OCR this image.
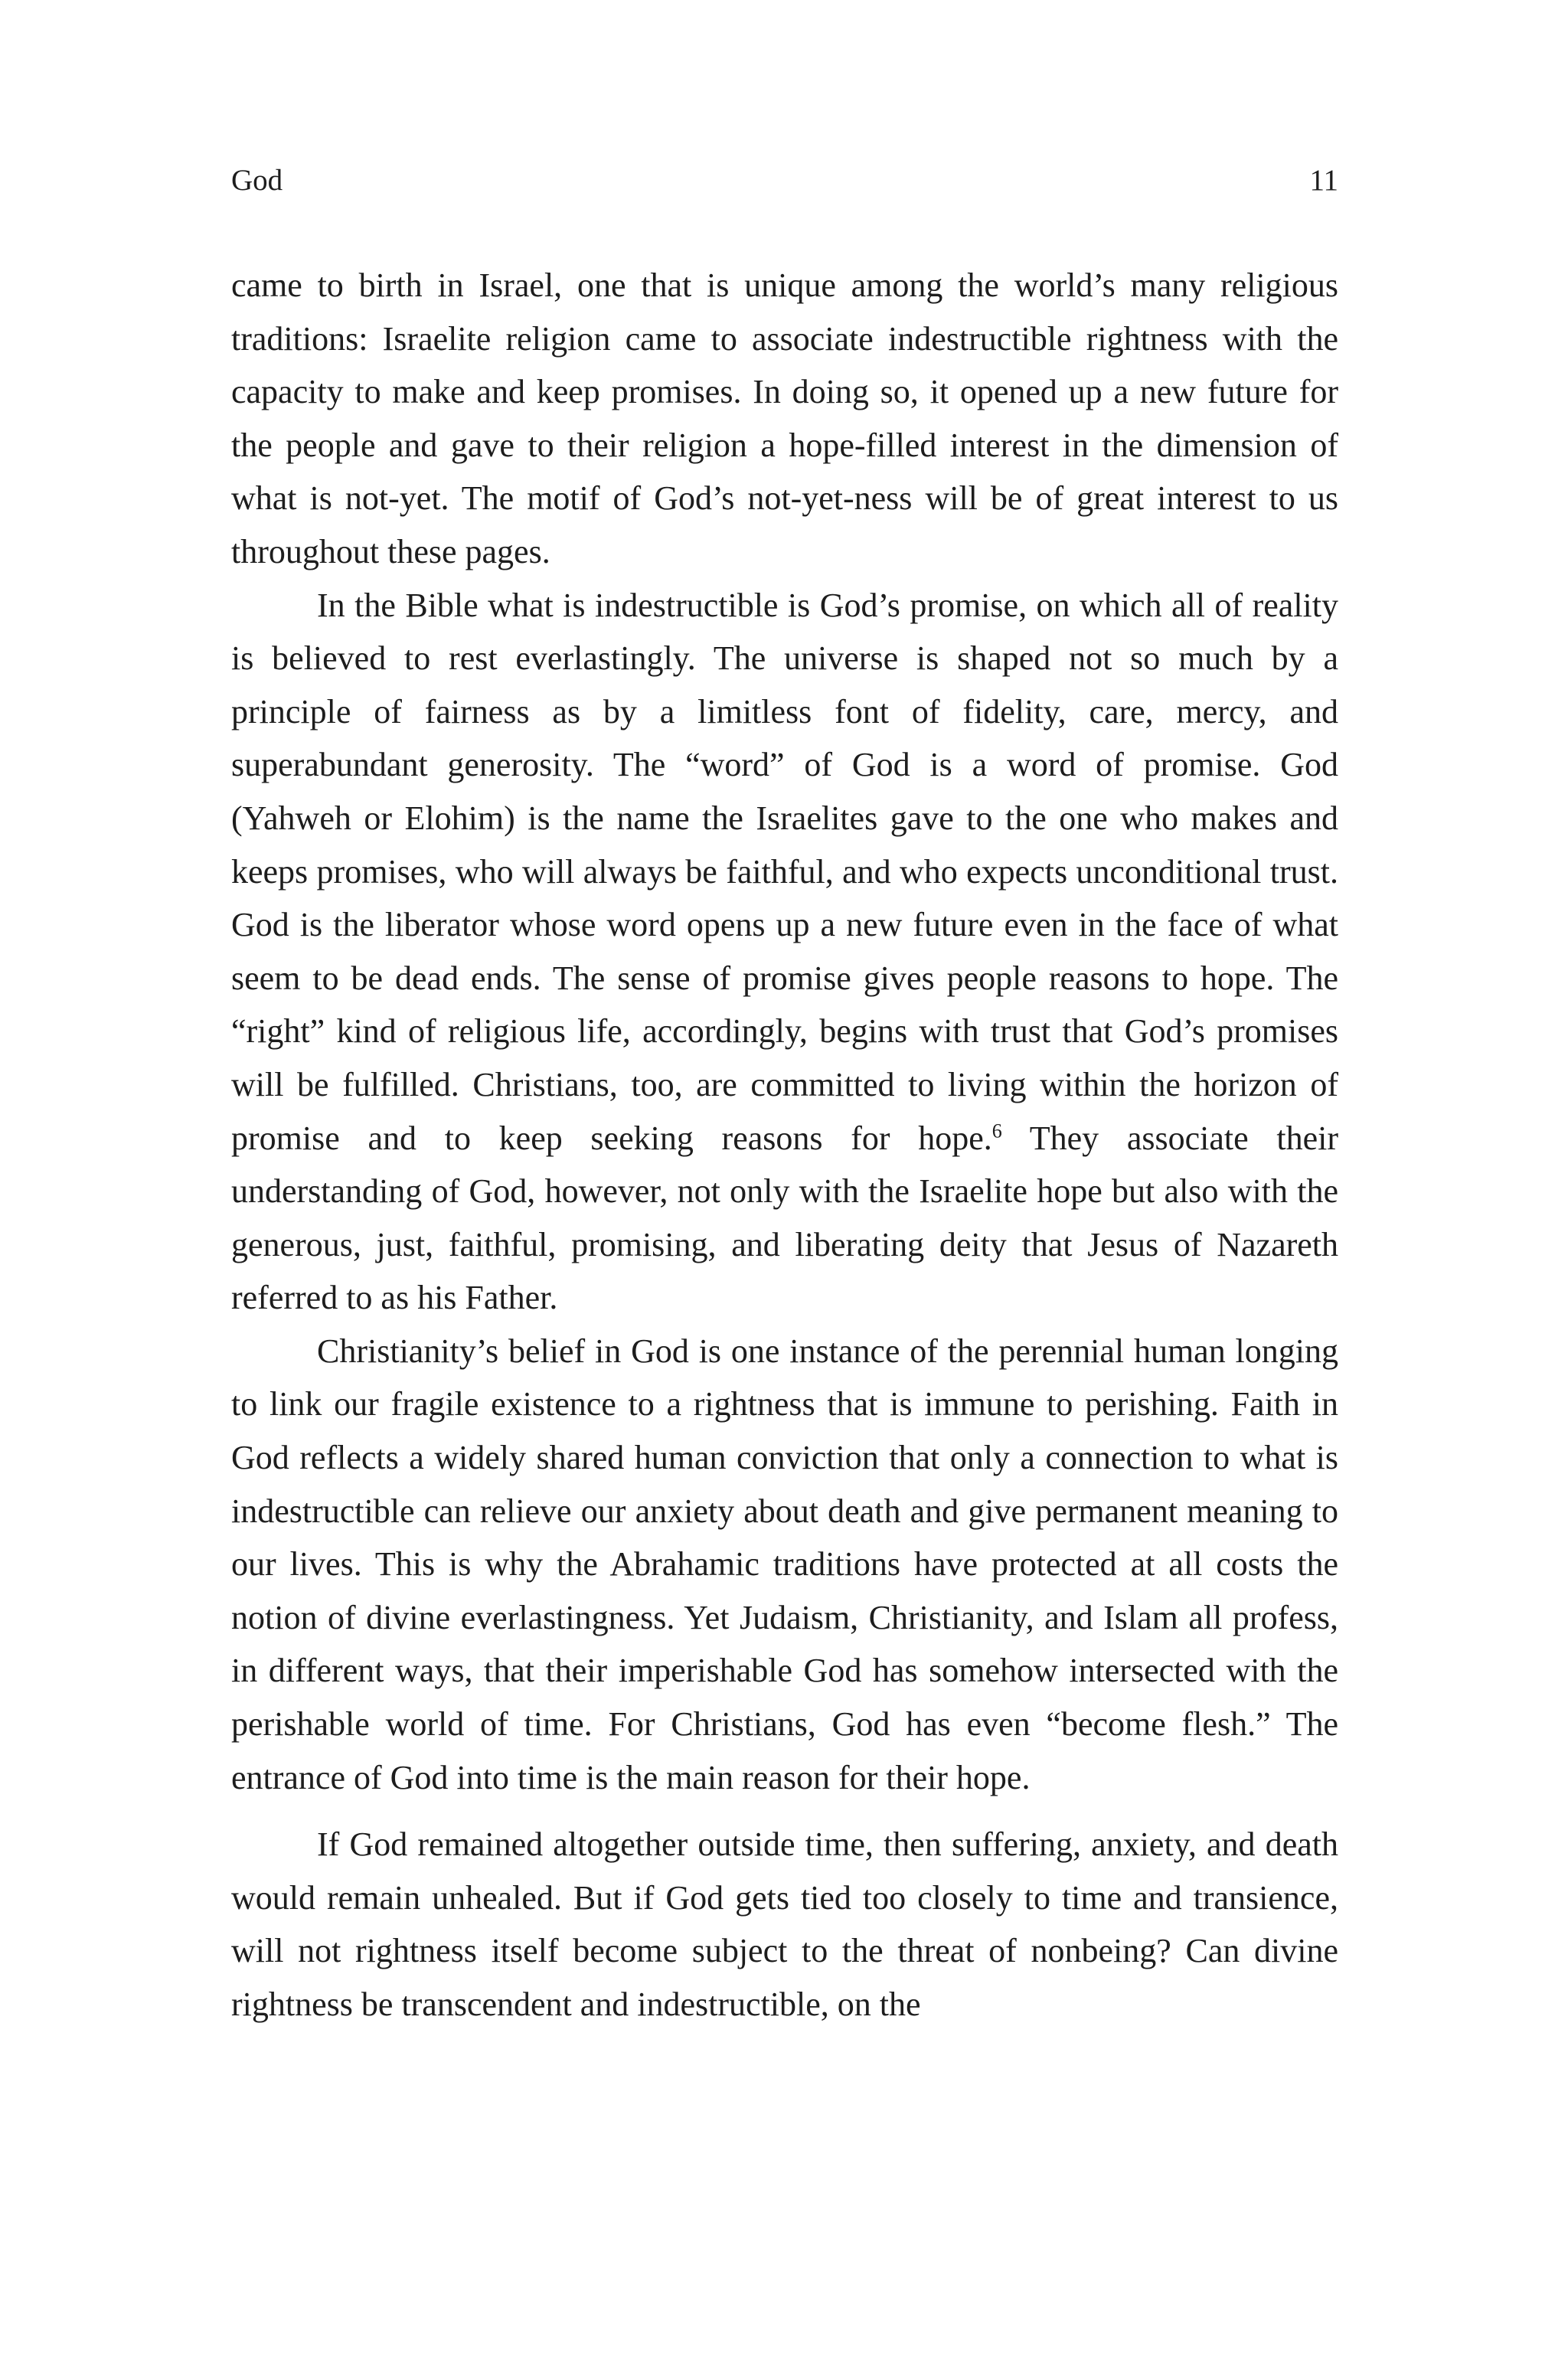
God	11

came to birth in Israel, one that is unique among the world’s many religious traditions: Israelite religion came to associate indestructible rightness with the capacity to make and keep promises. In doing so, it opened up a new future for the people and gave to their religion a hope-filled interest in the dimension of what is not-yet. The motif of God’s not-yet-ness will be of great interest to us throughout these pages.

In the Bible what is indestructible is God’s promise, on which all of reality is believed to rest everlastingly. The universe is shaped not so much by a principle of fairness as by a limitless font of fidelity, care, mercy, and superabundant generosity. The “word” of God is a word of promise. God (Yahweh or Elohim) is the name the Israelites gave to the one who makes and keeps promises, who will always be faithful, and who expects unconditional trust. God is the liberator whose word opens up a new future even in the face of what seem to be dead ends. The sense of promise gives people reasons to hope. The “right” kind of religious life, accordingly, begins with trust that God’s promises will be fulfilled. Christians, too, are committed to living within the horizon of promise and to keep seeking reasons for hope.$^6$ They associate their understanding of God, however, not only with the Israelite hope but also with the generous, just, faithful, promising, and liberating deity that Jesus of Nazareth referred to as his Father.

Christianity’s belief in God is one instance of the perennial human longing to link our fragile existence to a rightness that is immune to perishing. Faith in God reflects a widely shared human conviction that only a connection to what is indestructible can relieve our anxiety about death and give permanent meaning to our lives. This is why the Abrahamic traditions have protected at all costs the notion of divine everlastingness. Yet Judaism, Christianity, and Islam all profess, in different ways, that their imperishable God has somehow intersected with the perishable world of time. For Christians, God has even “become flesh.” The entrance of God into time is the main reason for their hope.

If God remained altogether outside time, then suffering, anxiety, and death would remain unhealed. But if God gets tied too closely to time and transience, will not rightness itself become subject to the threat of nonbeing? Can divine rightness be transcendent and indestructible, on the
